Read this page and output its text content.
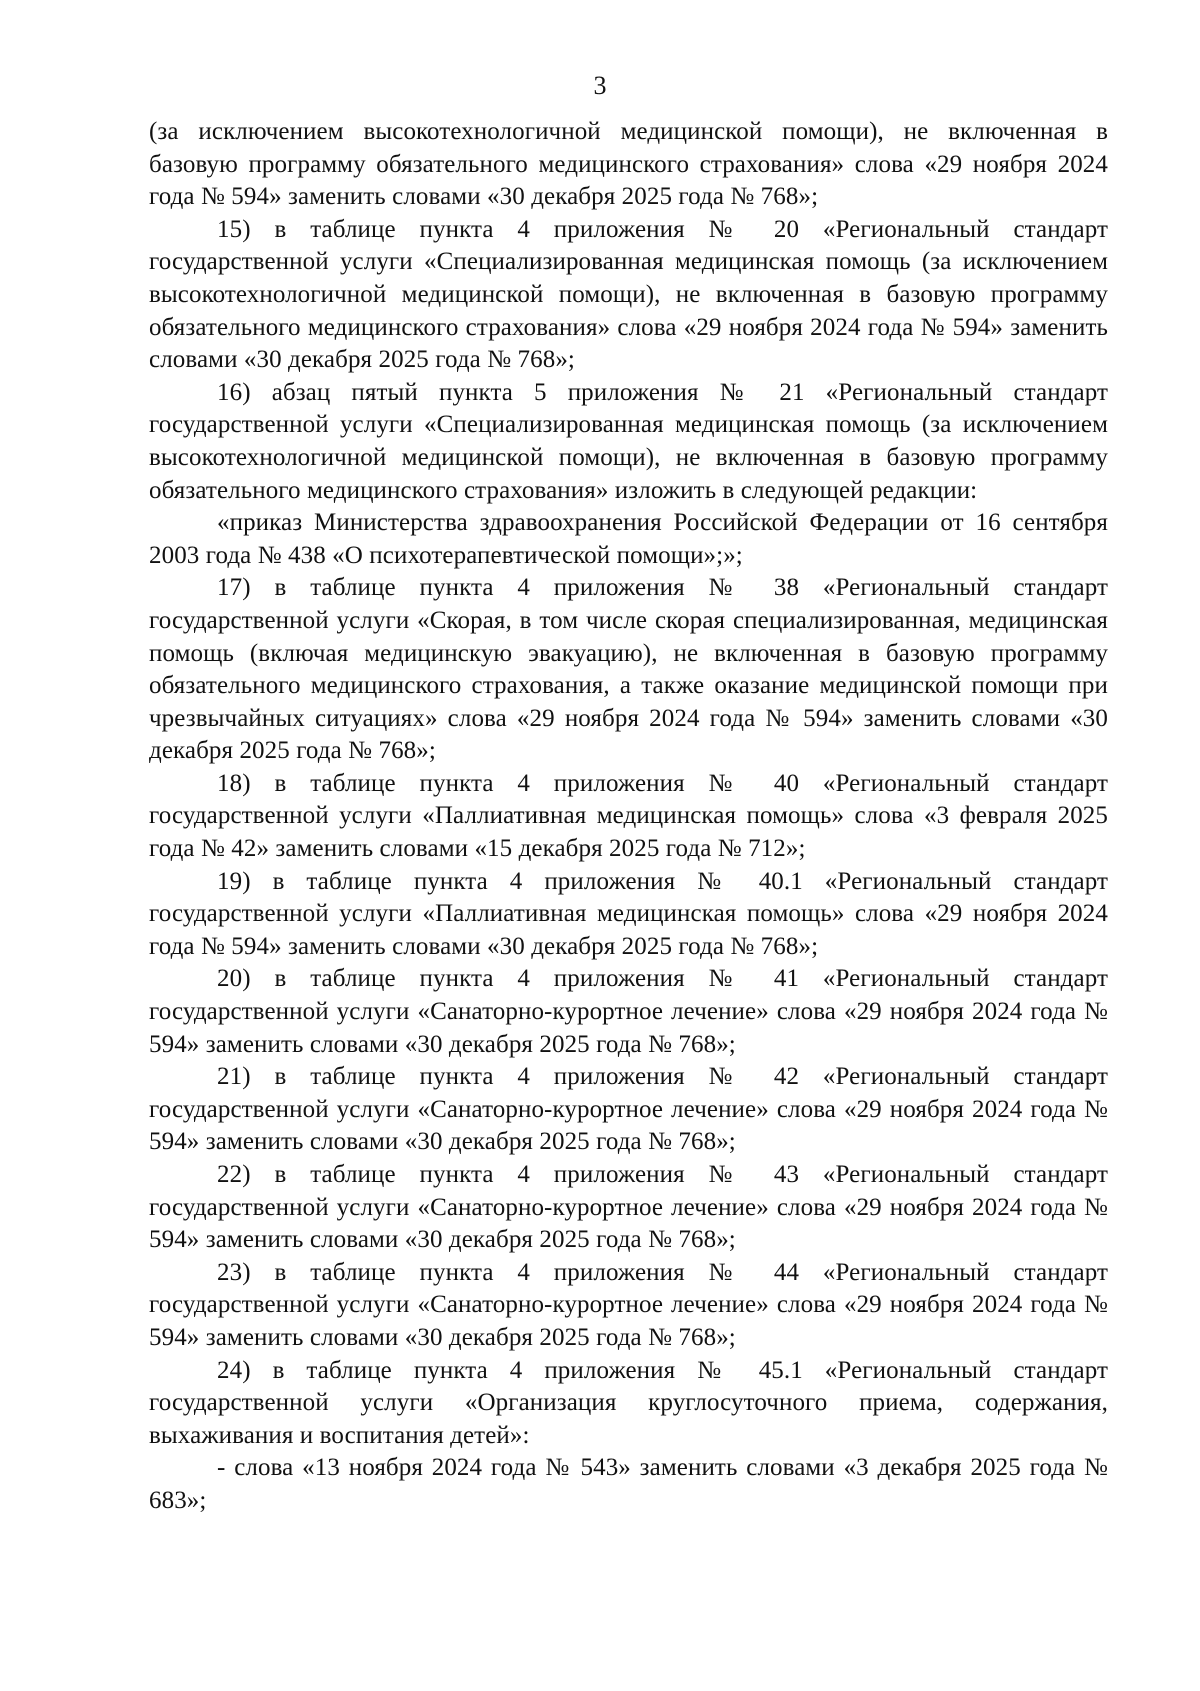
3

(за исключением высокотехнологичной медицинской помощи), не включенная в базовую программу обязательного медицинского страхования» слова «29 ноября 2024 года № 594» заменить словами «30 декабря 2025 года № 768»;

15) в таблице пункта 4 приложения № 20 «Региональный стандарт государственной услуги «Специализированная медицинская помощь (за исключением высокотехнологичной медицинской помощи), не включенная в базовую программу обязательного медицинского страхования» слова «29 ноября 2024 года № 594» заменить словами «30 декабря 2025 года № 768»;

16) абзац пятый пункта 5 приложения № 21 «Региональный стандарт государственной услуги «Специализированная медицинская помощь (за исключением высокотехнологичной медицинской помощи), не включенная в базовую программу обязательного медицинского страхования» изложить в следующей редакции:

«приказ Министерства здравоохранения Российской Федерации от 16 сентября 2003 года № 438 «О психотерапевтической помощи»;»;

17) в таблице пункта 4 приложения № 38 «Региональный стандарт государственной услуги «Скорая, в том числе скорая специализированная, медицинская помощь (включая медицинскую эвакуацию), не включенная в базовую программу обязательного медицинского страхования, а также оказание медицинской помощи при чрезвычайных ситуациях» слова «29 ноября 2024 года № 594» заменить словами «30 декабря 2025 года № 768»;

18) в таблице пункта 4 приложения № 40 «Региональный стандарт государственной услуги «Паллиативная медицинская помощь» слова «3 февраля 2025 года № 42» заменить словами «15 декабря 2025 года № 712»;

19) в таблице пункта 4 приложения № 40.1 «Региональный стандарт государственной услуги «Паллиативная медицинская помощь» слова «29 ноября 2024 года № 594» заменить словами «30 декабря 2025 года № 768»;

20) в таблице пункта 4 приложения № 41 «Региональный стандарт государственной услуги «Санаторно-курортное лечение» слова «29 ноября 2024 года № 594» заменить словами «30 декабря 2025 года № 768»;

21) в таблице пункта 4 приложения № 42 «Региональный стандарт государственной услуги «Санаторно-курортное лечение» слова «29 ноября 2024 года № 594» заменить словами «30 декабря 2025 года № 768»;

22) в таблице пункта 4 приложения № 43 «Региональный стандарт государственной услуги «Санаторно-курортное лечение» слова «29 ноября 2024 года № 594» заменить словами «30 декабря 2025 года № 768»;

23) в таблице пункта 4 приложения № 44 «Региональный стандарт государственной услуги «Санаторно-курортное лечение» слова «29 ноября 2024 года № 594» заменить словами «30 декабря 2025 года № 768»;

24) в таблице пункта 4 приложения № 45.1 «Региональный стандарт государственной услуги «Организация круглосуточного приема, содержания, выхаживания и воспитания детей»:

- слова «13 ноября 2024 года № 543» заменить словами «3 декабря 2025 года № 683»;
